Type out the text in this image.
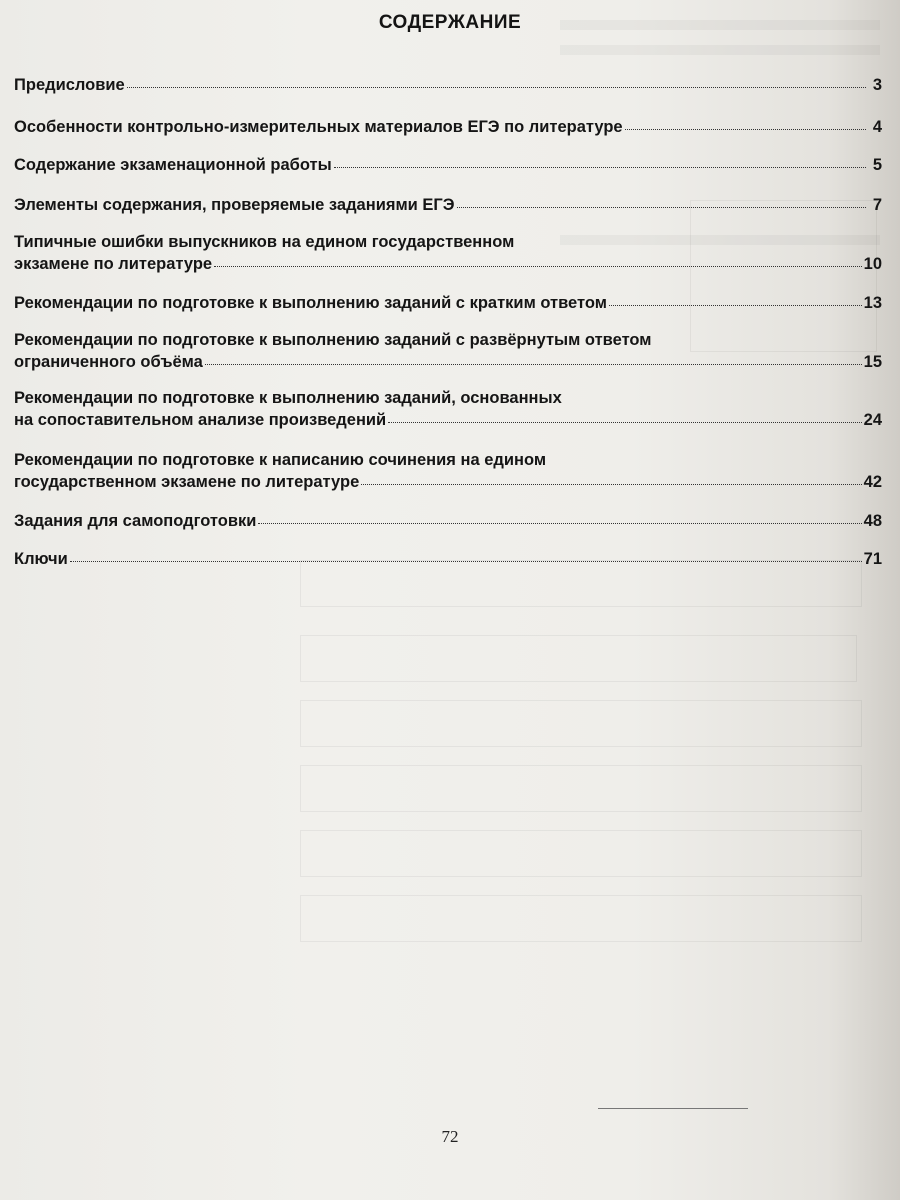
СОДЕРЖАНИЕ
Предисловие	3
Особенности контрольно-измерительных материалов ЕГЭ по литературе	4
Содержание экзаменационной работы	5
Элементы содержания, проверяемые заданиями ЕГЭ	7
Типичные ошибки выпускников на едином государственном
экзамене по литературе	10
Рекомендации по подготовке к выполнению заданий с кратким ответом	13
Рекомендации по подготовке к выполнению заданий с развёрнутым ответом
ограниченного объёма	15
Рекомендации по подготовке к выполнению заданий, основанных
на сопоставительном анализе произведений	24
Рекомендации по подготовке к написанию сочинения на едином
государственном экзамене по литературе	42
Задания для самоподготовки	48
Ключи	71
72
